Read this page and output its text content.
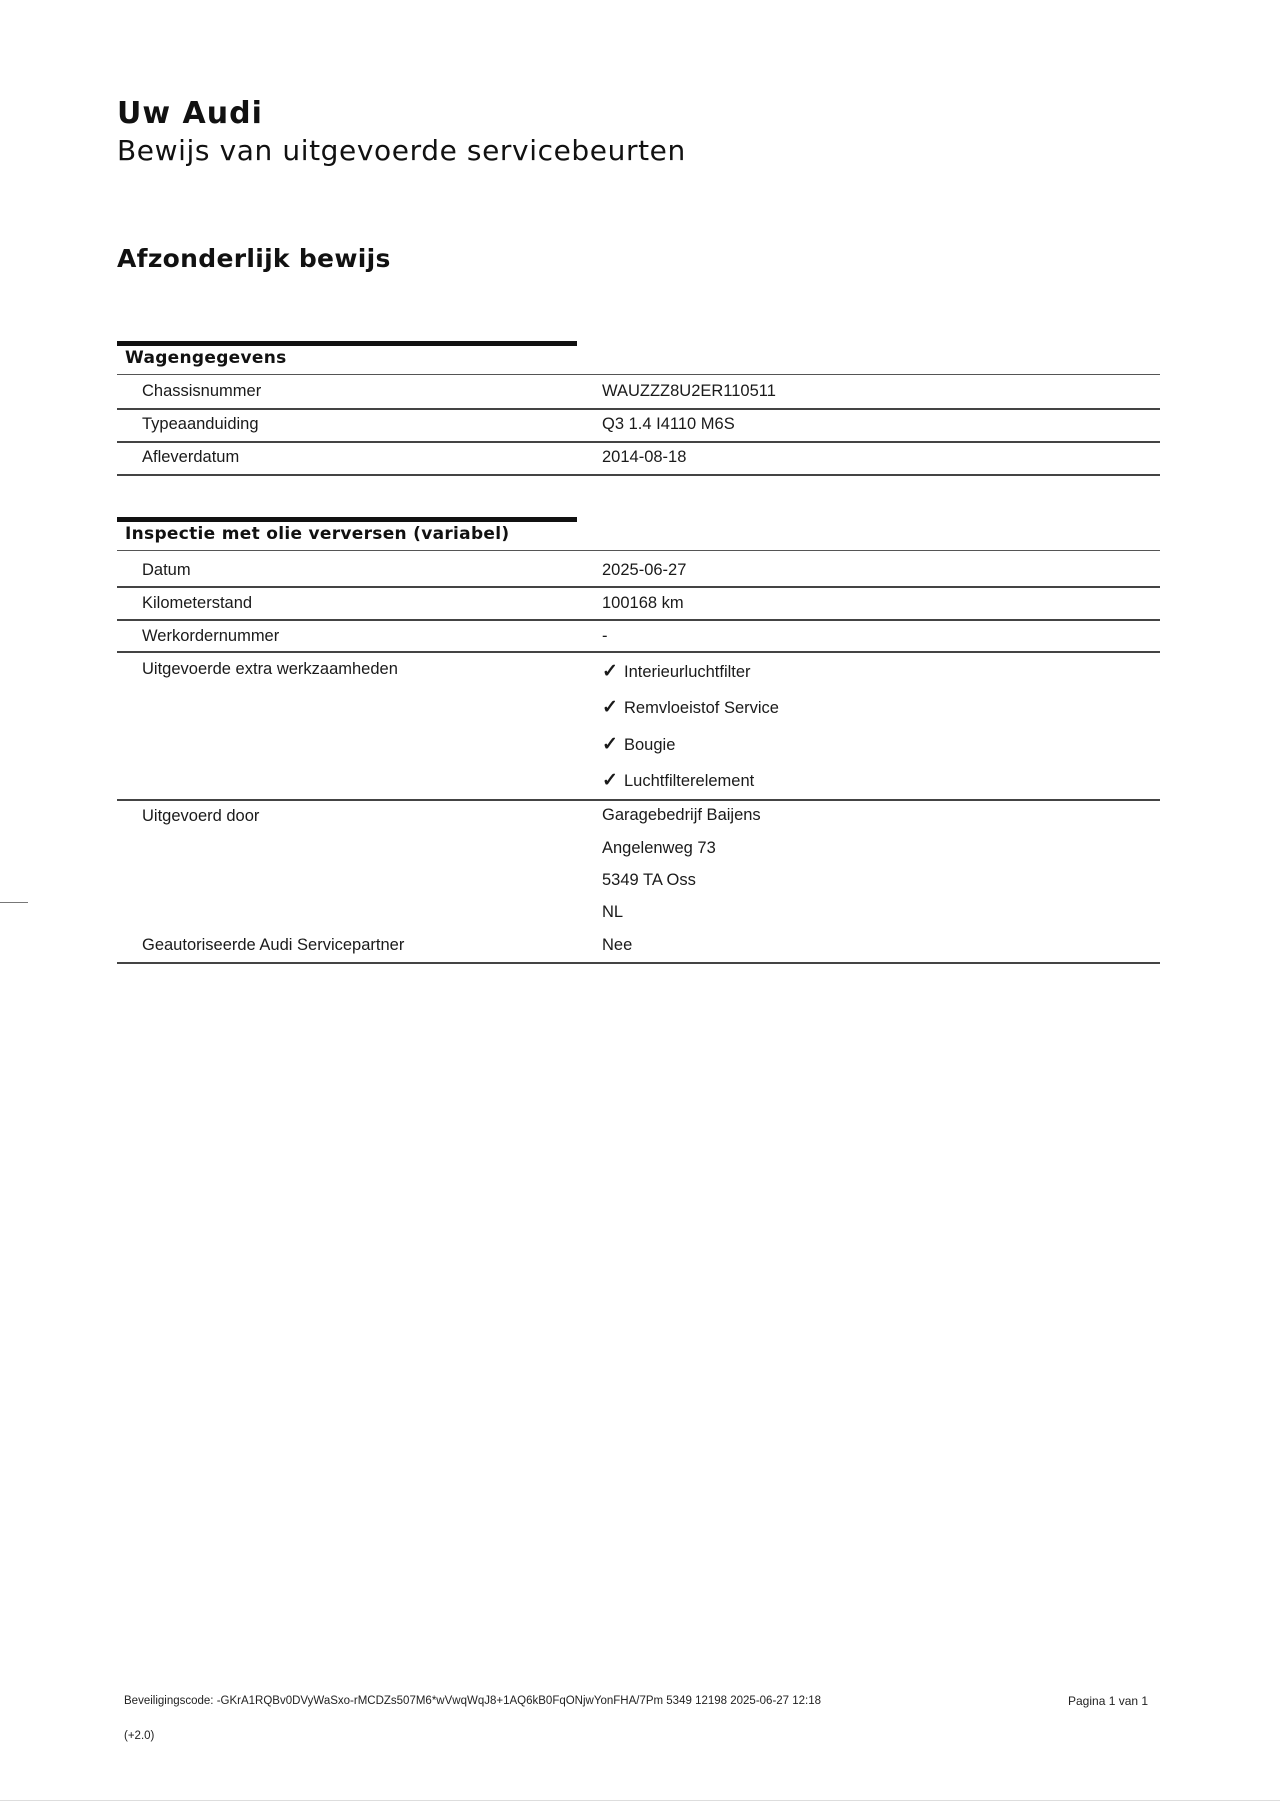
Uw Audi
Bewijs van uitgevoerde servicebeurten
Afzonderlijk bewijs
Wagengegevens
Chassisnummer	WAUZZZ8U2ER110511
Typeaanduiding	Q3 1.4 I4110 M6S
Afleverdatum	2014-08-18
Inspectie met olie verversen (variabel)
Datum	2025-06-27
Kilometerstand	100168 km
Werkordernummer	-
Uitgevoerde extra werkzaamheden	✓ Interieurluchtfilter
✓ Remvloeistof Service
✓ Bougie
✓ Luchtfilterelement
Uitgevoerd door	Garagebedrijf Baijens
Angelenweg 73
5349 TA Oss
NL
Geautoriseerde Audi Servicepartner	Nee
Beveiligingscode: -GKrA1RQBv0DVyWaSxo-rMCDZs507M6*wVwqWqJ8+1AQ6kB0FqONjwYonFHA/7Pm 5349 12198 2025-06-27 12:18	Pagina 1 van 1
(+2.0)
